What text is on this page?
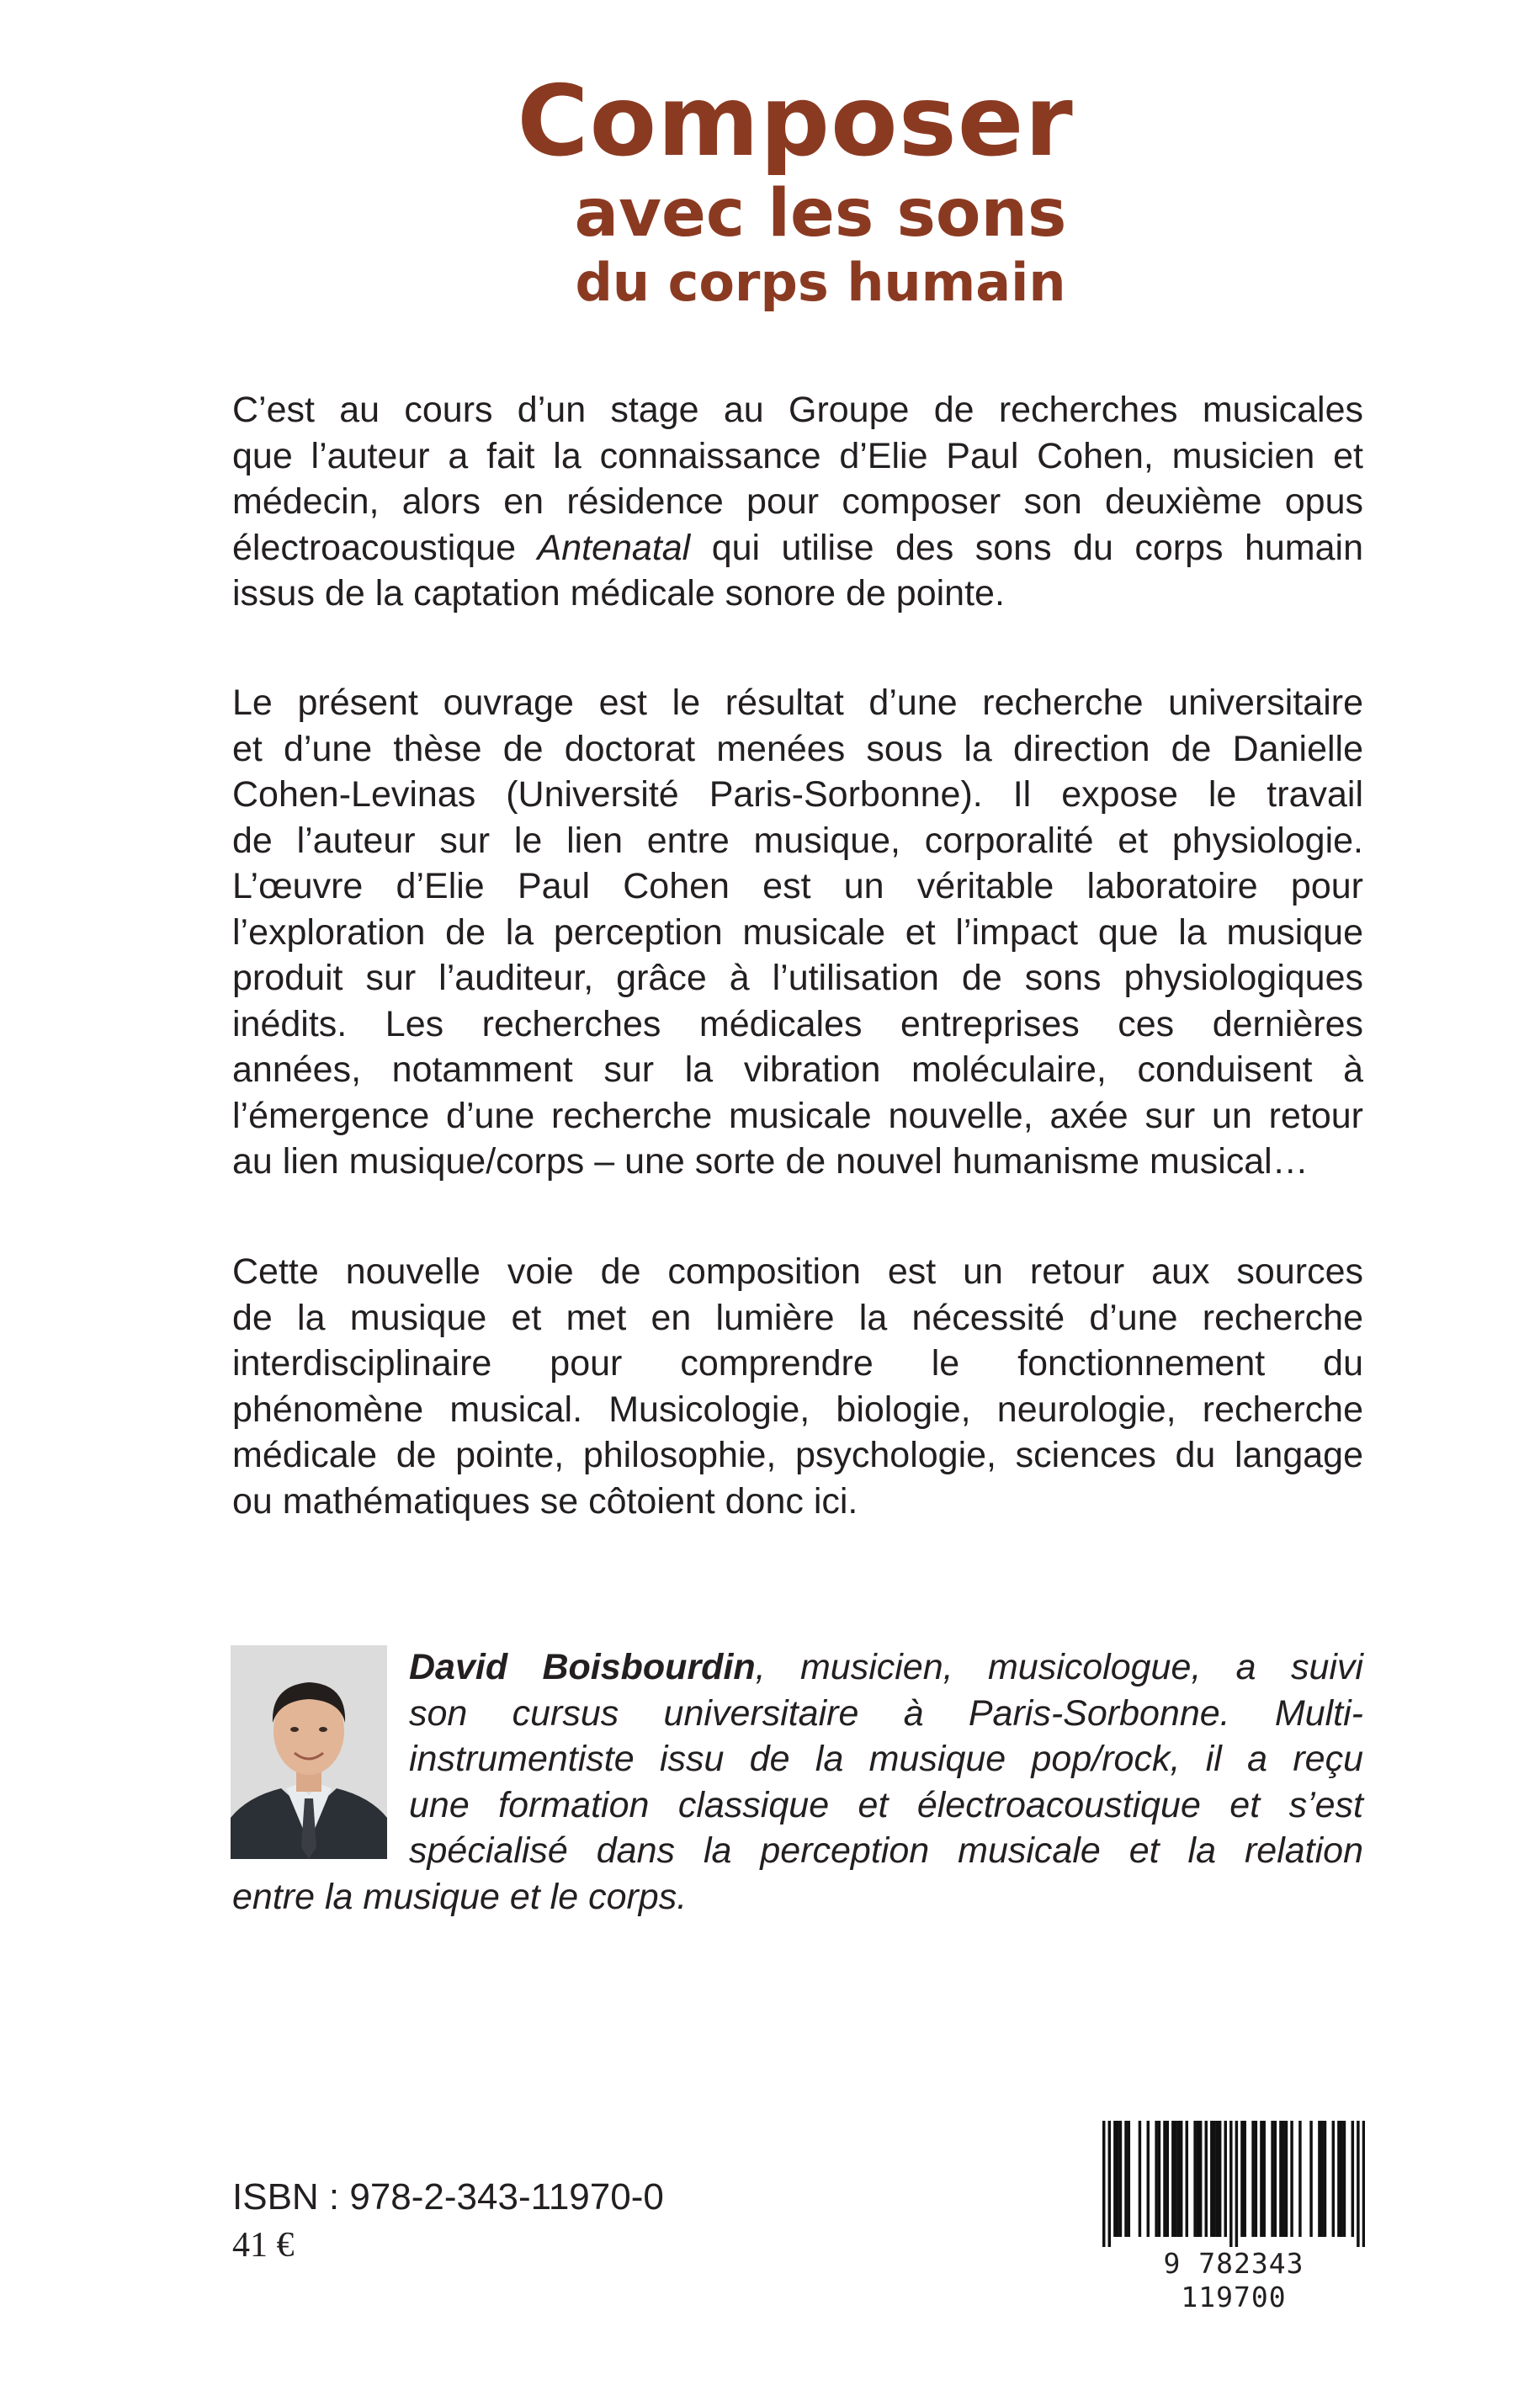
Composer
avec les sons
du corps humain
C’est au cours d’un stage au Groupe de recherches musicales
que l’auteur a fait la connaissance d’Elie Paul Cohen, musicien et
médecin, alors en résidence pour composer son deuxième opus
électroacoustique Antenatal qui utilise des sons du corps humain
issus de la captation médicale sonore de pointe.
Le présent ouvrage est le résultat d’une recherche universitaire
et d’une thèse de doctorat menées sous la direction de Danielle
Cohen-Levinas (Université Paris-Sorbonne). Il expose le travail
de l’auteur sur le lien entre musique, corporalité et physiologie.
L’œuvre d’Elie Paul Cohen est un véritable laboratoire pour
l’exploration de la perception musicale et l’impact que la musique
produit sur l’auditeur, grâce à l’utilisation de sons physiologiques
inédits. Les recherches médicales entreprises ces dernières
années, notamment sur la vibration moléculaire, conduisent à
l’émergence d’une recherche musicale nouvelle, axée sur un retour
au lien musique/corps – une sorte de nouvel humanisme musical…
Cette nouvelle voie de composition est un retour aux sources
de la musique et met en lumière la nécessité d’une recherche
interdisciplinaire pour comprendre le fonctionnement du
phénomène musical. Musicologie, biologie, neurologie, recherche
médicale de pointe, philosophie, psychologie, sciences du langage
ou mathématiques se côtoient donc ici.
David Boisbourdin, musicien, musicologue, a suivi
son cursus universitaire à Paris-Sorbonne. Multi-
instrumentiste issu de la musique pop/rock, il a reçu
une formation classique et électroacoustique et s’est
spécialisé dans la perception musicale et la relation
entre la musique et le corps.
ISBN : 978-2-343-11970-0
41 €	9 782343 119700
